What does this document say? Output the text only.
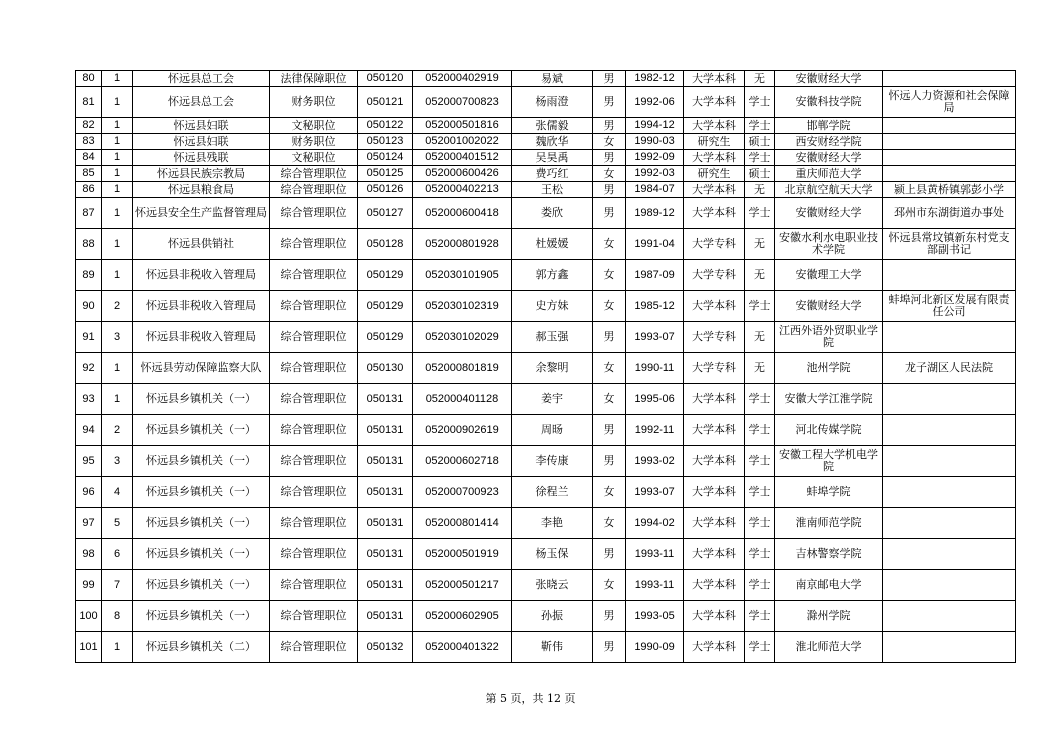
80	1	怀远县总工会	法律保障职位	050120	052000402919	易斌	男	1982-12	大学本科	无	安徽财经大学	
81	1	怀远县总工会	财务职位	050121	052000700823	杨雨澄	男	1992-06	大学本科	学士	安徽科技学院	怀远人力资源和社会保障局
82	1	怀远县妇联	文秘职位	050122	052000501816	张儒毅	男	1994-12	大学本科	学士	邯郸学院	
83	1	怀远县妇联	财务职位	050123	052001002022	魏欣华	女	1990-03	研究生	硕士	西安财经学院	
84	1	怀远县残联	文秘职位	050124	052000401512	吴昊禹	男	1992-09	大学本科	学士	安徽财经大学	
85	1	怀远县民族宗教局	综合管理职位	050125	052000600426	费巧红	女	1992-03	研究生	硕士	重庆师范大学	
86	1	怀远县粮食局	综合管理职位	050126	052000402213	王松	男	1984-07	大学本科	无	北京航空航天大学	颍上县黄桥镇郭彭小学
87	1	怀远县安全生产监督管理局	综合管理职位	050127	052000600418	娄欣	男	1989-12	大学本科	学士	安徽财经大学	邳州市东湖街道办事处
88	1	怀远县供销社	综合管理职位	050128	052000801928	杜媛媛	女	1991-04	大学专科	无	安徽水利水电职业技术学院	怀远县常坟镇新东村党支部副书记
89	1	怀远县非税收入管理局	综合管理职位	050129	052030101905	郭方鑫	女	1987-09	大学专科	无	安徽理工大学	
90	2	怀远县非税收入管理局	综合管理职位	050129	052030102319	史方妹	女	1985-12	大学本科	学士	安徽财经大学	蚌埠河北新区发展有限责任公司
91	3	怀远县非税收入管理局	综合管理职位	050129	052030102029	郝玉强	男	1993-07	大学专科	无	江西外语外贸职业学院	
92	1	怀远县劳动保障监察大队	综合管理职位	050130	052000801819	余黎明	女	1990-11	大学专科	无	池州学院	龙子湖区人民法院
93	1	怀远县乡镇机关（一）	综合管理职位	050131	052000401128	姜宇	女	1995-06	大学本科	学士	安徽大学江淮学院	
94	2	怀远县乡镇机关（一）	综合管理职位	050131	052000902619	周旸	男	1992-11	大学本科	学士	河北传媒学院	
95	3	怀远县乡镇机关（一）	综合管理职位	050131	052000602718	李传康	男	1993-02	大学本科	学士	安徽工程大学机电学院	
96	4	怀远县乡镇机关（一）	综合管理职位	050131	052000700923	徐程兰	女	1993-07	大学本科	学士	蚌埠学院	
97	5	怀远县乡镇机关（一）	综合管理职位	050131	052000801414	李艳	女	1994-02	大学本科	学士	淮南师范学院	
98	6	怀远县乡镇机关（一）	综合管理职位	050131	052000501919	杨玉保	男	1993-11	大学本科	学士	吉林警察学院	
99	7	怀远县乡镇机关（一）	综合管理职位	050131	052000501217	张晓云	女	1993-11	大学本科	学士	南京邮电大学	
100	8	怀远县乡镇机关（一）	综合管理职位	050131	052000602905	孙振	男	1993-05	大学本科	学士	滁州学院	
101	1	怀远县乡镇机关（二）	综合管理职位	050132	052000401322	靳伟	男	1990-09	大学本科	学士	淮北师范大学	
第 5 页，共 12 页
